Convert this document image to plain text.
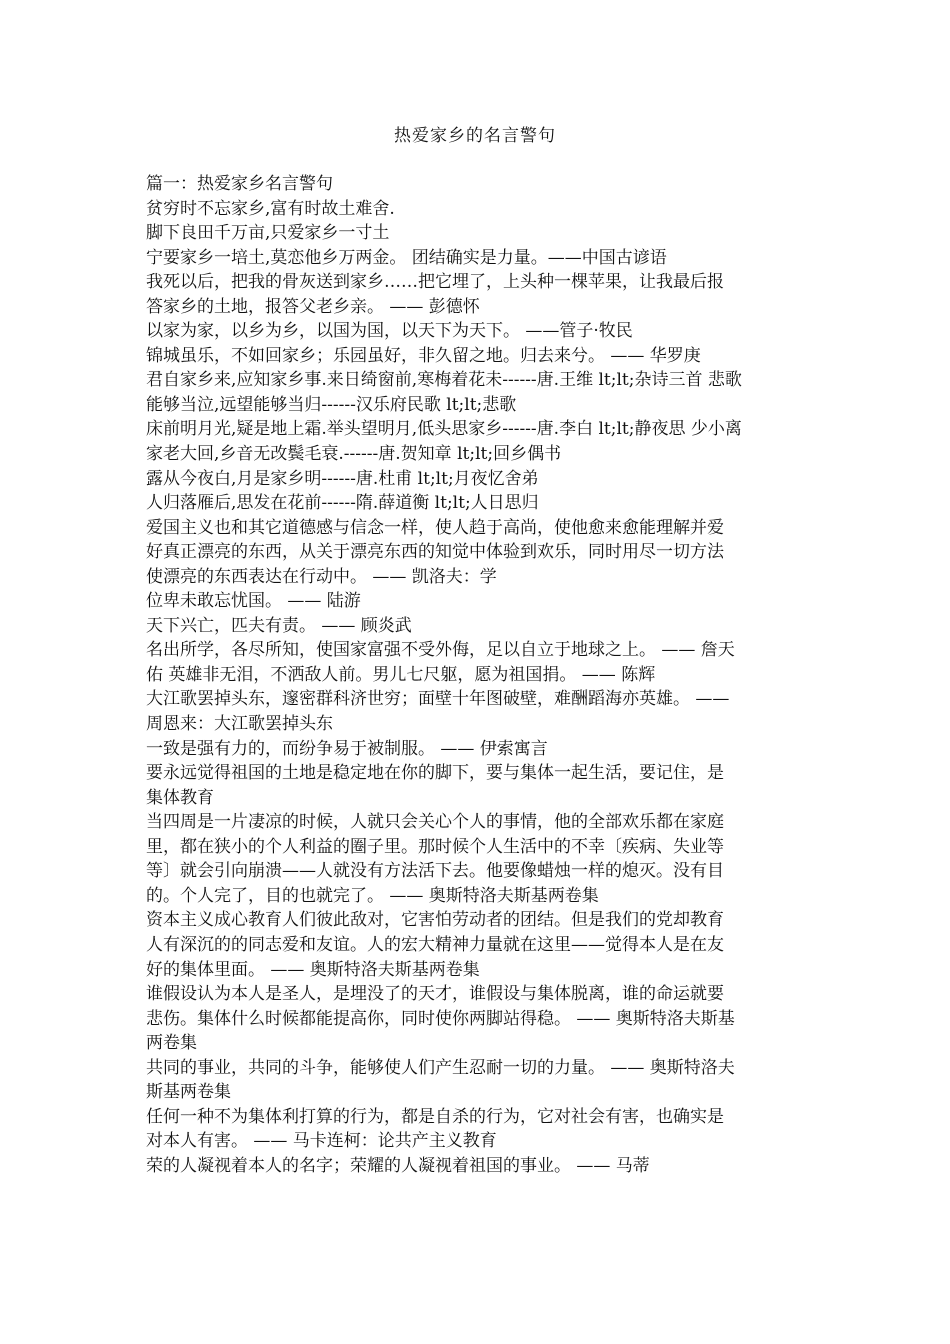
热爱家乡的名言警句
篇一：热爱家乡名言警句
贫穷时不忘家乡,富有时故土难舍.
脚下良田千万亩,只爱家乡一寸土
宁要家乡一培土,莫恋他乡万两金。 团结确实是力量。——中国古谚语
我死以后，把我的骨灰送到家乡……把它埋了，上头种一棵苹果，让我最后报
答家乡的土地，报答父老乡亲。 —— 彭德怀
以家为家，以乡为乡，以国为国，以天下为天下。 ——管子·牧民
锦城虽乐，不如回家乡；乐园虽好，非久留之地。归去来兮。 —— 华罗庚
君自家乡来,应知家乡事.来日绮窗前,寒梅着花未------唐.王维 lt;lt;杂诗三首 悲歌
能够当泣,远望能够当归------汉乐府民歌 lt;lt;悲歌
床前明月光,疑是地上霜.举头望明月,低头思家乡------唐.李白 lt;lt;静夜思 少小离
家老大回,乡音无改鬓毛衰.------唐.贺知章 lt;lt;回乡偶书
露从今夜白,月是家乡明------唐.杜甫 lt;lt;月夜忆舍弟
人归落雁后,思发在花前------隋.薛道衡 lt;lt;人日思归
爱国主义也和其它道德感与信念一样，使人趋于高尚，使他愈来愈能理解并爱
好真正漂亮的东西，从关于漂亮东西的知觉中体验到欢乐，同时用尽一切方法
使漂亮的东西表达在行动中。 —— 凯洛夫：学
位卑未敢忘忧国。 —— 陆游
天下兴亡，匹夫有责。 —— 顾炎武
名出所学，各尽所知，使国家富强不受外侮，足以自立于地球之上。 —— 詹天
佑 英雄非无泪，不洒敌人前。男儿七尺躯，愿为祖国捐。 —— 陈辉
大江歌罢掉头东，邃密群科济世穷；面壁十年图破壁，难酬蹈海亦英雄。 ——
周恩来：大江歌罢掉头东
一致是强有力的，而纷争易于被制服。 —— 伊索寓言
要永远觉得祖国的土地是稳定地在你的脚下，要与集体一起生活，要记住，是
集体教育
当四周是一片凄凉的时候，人就只会关心个人的事情，他的全部欢乐都在家庭
里，都在狭小的个人利益的圈子里。那时候个人生活中的不幸〔疾病、失业等
等〕就会引向崩溃——人就没有方法活下去。他要像蜡烛一样的熄灭。没有目
的。个人完了，目的也就完了。 —— 奥斯特洛夫斯基两卷集
资本主义成心教育人们彼此敌对，它害怕劳动者的团结。但是我们的党却教育
人有深沉的的同志爱和友谊。人的宏大精神力量就在这里——觉得本人是在友
好的集体里面。 —— 奥斯特洛夫斯基两卷集
谁假设认为本人是圣人，是埋没了的天才，谁假设与集体脱离，谁的命运就要
悲伤。集体什么时候都能提高你，同时使你两脚站得稳。 —— 奥斯特洛夫斯基
两卷集
共同的事业，共同的斗争，能够使人们产生忍耐一切的力量。 —— 奥斯特洛夫
斯基两卷集
任何一种不为集体利打算的行为，都是自杀的行为，它对社会有害，也确实是
对本人有害。 —— 马卡连柯：论共产主义教育
荣的人凝视着本人的名字；荣耀的人凝视着祖国的事业。 —— 马蒂
